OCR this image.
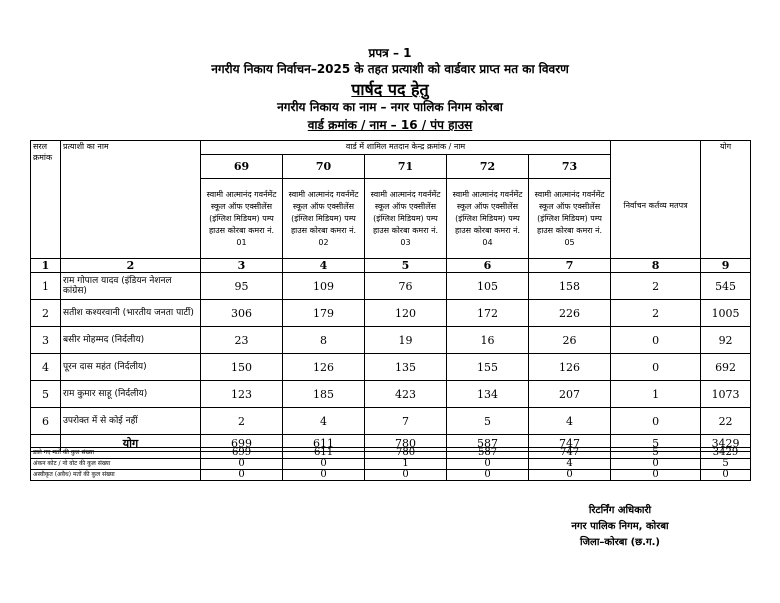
प्रपत्र – 1
नगरीय निकाय निर्वाचन–2025 के तहत प्रत्याशी को वार्डवार प्राप्त मत का विवरण
पार्षद पद हेतु
नगरीय निकाय का नाम – नगर पालिक निगम कोरबा
वार्ड क्रमांक / नाम – 16 / पंप हाउस
सरल क्रमांक	प्रत्याशी का नाम	वार्ड में शामिल मतदान केन्द्र क्रमांक / नाम						योग
		69	70	71	72	73	निर्वाचन कर्तव्य मतपत्र	
		स्वामी आत्मानंद गवर्नमेंट स्कूल ऑफ एक्सीलेंस (इंग्लिश मिडियम) पम्प हाउस कोरबा कमरा नं. 01	स्वामी आत्मानंद गवर्नमेंट स्कूल ऑफ एक्सीलेंस (इंग्लिश मिडियम) पम्प हाउस कोरबा कमरा नं. 02	स्वामी आत्मानंद गवर्नमेंट स्कूल ऑफ एक्सीलेंस (इंग्लिश मिडियम) पम्प हाउस कोरबा कमरा नं. 03	स्वामी आत्मानंद गवर्नमेंट स्कूल ऑफ एक्सीलेंस (इंग्लिश मिडियम) पम्प हाउस कोरबा कमरा नं. 04	स्वामी आत्मानंद गवर्नमेंट स्कूल ऑफ एक्सीलेंस (इंग्लिश मिडियम) पम्प हाउस कोरबा कमरा नं. 05		
1	2	3	4	5	6	7	8	9
1	राम गोपाल यादव (इंडियन नेशनल कांग्रेस)	95	109	76	105	158	2	545
2	सतीश कश्यरवानी (भारतीय जनता पार्टी)	306	179	120	172	226	2	1005
3	बसीर मोहम्मद (निर्दलीय)	23	8	19	16	26	0	92
4	पूरन दास महंत (निर्दलीय)	150	126	135	155	126	0	692
5	राम कुमार साहू (निर्दलीय)	123	185	423	134	207	1	1073
6	उपरोक्त में से कोई नहीं	2	4	7	5	4	0	22
	योग	699	611	780	587	747	5	3429
डाले गए मतों की कुल संख्या	699	611	780	587	747	5	3429
अंकन कोट / नो वोट की कुल संख्या	0	0	1	0	4	0	5
अस्वीकृत (अवैध) मतों की कुल संख्या	0	0	0	0	0	0	0
रिटर्निंग अधिकारी
नगर पालिक निगम, कोरबा
जिला–कोरबा (छ.ग.)
